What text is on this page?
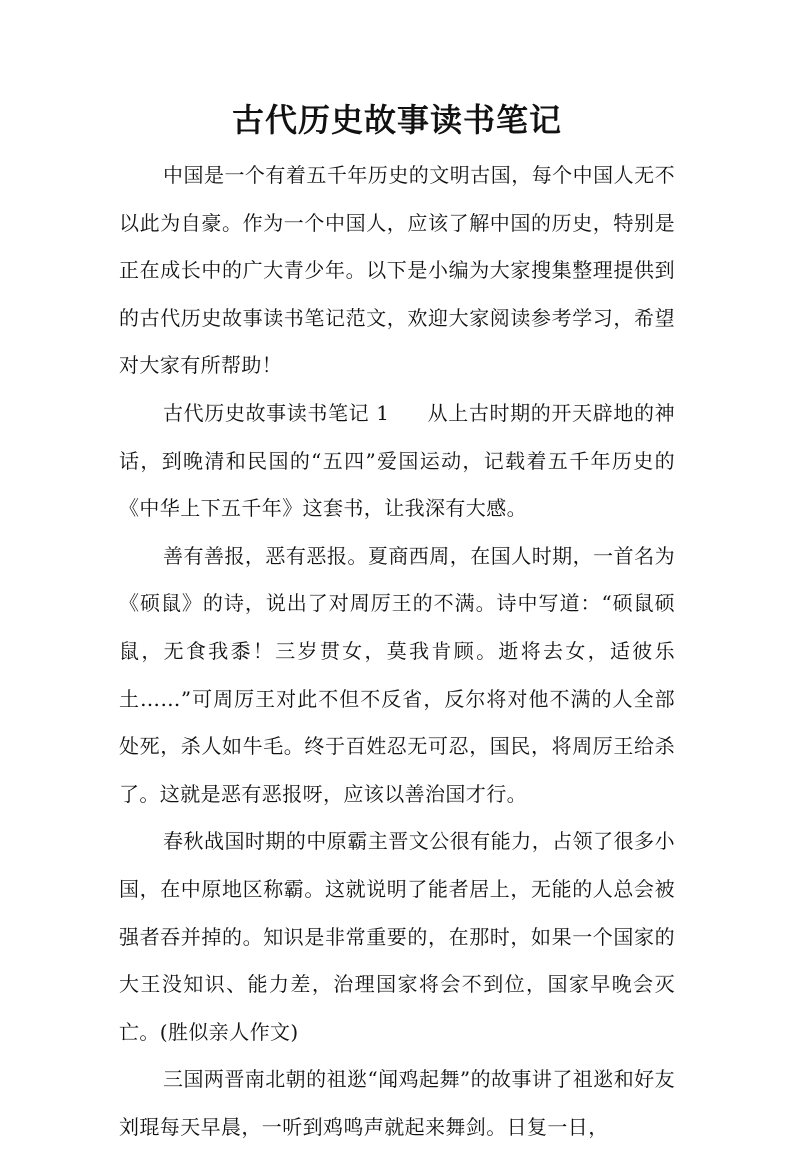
古代历史故事读书笔记

中国是一个有着五千年历史的文明古国，每个中国人无不以此为自豪。作为一个中国人，应该了解中国的历史，特别是正在成长中的广大青少年。以下是小编为大家搜集整理提供到的古代历史故事读书笔记范文，欢迎大家阅读参考学习，希望对大家有所帮助！

古代历史故事读书笔记 1 从上古时期的开天辟地的神话，到晚清和民国的“五四”爱国运动，记载着五千年历史的《中华上下五千年》这套书，让我深有大感。

善有善报，恶有恶报。夏商西周，在国人时期，一首名为《硕鼠》的诗，说出了对周厉王的不满。诗中写道：“硕鼠硕鼠，无食我黍！三岁贯女，莫我肯顾。逝将去女，适彼乐土……”可周厉王对此不但不反省，反尔将对他不满的人全部处死，杀人如牛毛。终于百姓忍无可忍，国民，将周厉王给杀了。这就是恶有恶报呀，应该以善治国才行。

春秋战国时期的中原霸主晋文公很有能力，占领了很多小国，在中原地区称霸。这就说明了能者居上，无能的人总会被强者吞并掉的。知识是非常重要的，在那时，如果一个国家的大王没知识、能力差，治理国家将会不到位，国家早晚会灭亡。(胜似亲人作文)

三国两晋南北朝的祖逖“闻鸡起舞”的故事讲了祖逖和好友刘琨每天早晨，一听到鸡鸣声就起来舞剑。日复一日，
